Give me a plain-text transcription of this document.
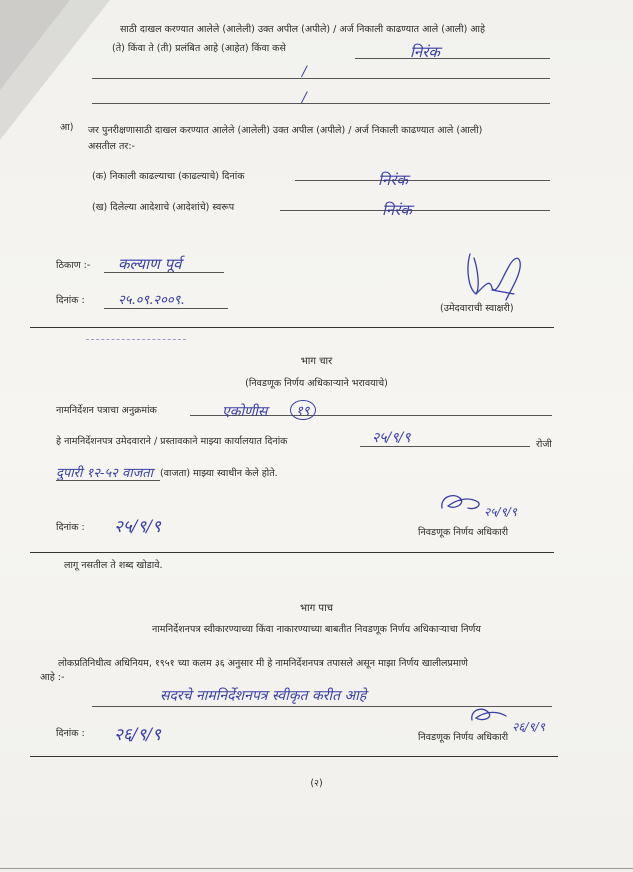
साठी दाखल करण्यात आलेले (आलेली) उक्त अपील (अपीले) / अर्ज निकाली काढण्यात आले (आली) आहे
(ते) किंवा ते (ती) प्रलंबित आहे (आहेत) किंवा कसे	निरंक
/
/
आ) जर पुनरीक्षणासाठी दाखल करण्यात आलेले (आलेली) उक्त अपील (अपीले) / अर्ज निकाली काढण्यात आले (आली)
असतील तर:-
(क) निकाली काढल्याचा (काढल्याचे) दिनांक	निरंक
(ख) दिलेल्या आदेशाचे (आदेशांचे) स्वरूप	निरंक
ठिकाण :- कल्याण पूर्व
दिनांक :	२५.०९.२००९.
(उमेदवाराची स्वाक्षरी)
भाग चार
(निवडणूक निर्णय अधिकाऱ्याने भरावयाचे)
नामनिर्देशन पत्राचा अनुक्रमांक	एकोणीस	१९
हे नामनिर्देशनपत्र उमेदवाराने / प्रस्तावकाने माझ्या कार्यालयात दिनांक	२५/९/९	रोजी
दुपारी १२-५२ वाजता (वाजता) माझ्या स्वाधीन केले होते.
दिनांक : २५/९/९
२५/९/९
निवडणूक निर्णय अधिकारी
लागू नसतील ते शब्द खोडावे.
भाग पाच
नामनिर्देशनपत्र स्वीकारण्याच्या किंवा नाकारण्याच्या बाबतीत निवडणूक निर्णय अधिकाऱ्याचा निर्णय
लोकप्रतिनिधीत्व अधिनियम, १९५१ च्या कलम ३६ अनुसार मी हे नामनिर्देशनपत्र तपासले असून माझा निर्णय खालीलप्रमाणे
आहे :-
सदरचे नामनिर्देशनपत्र स्वीकृत करीत आहे
दिनांक : २६/९/९	२६/९/९
निवडणूक निर्णय अधिकारी
(२)
